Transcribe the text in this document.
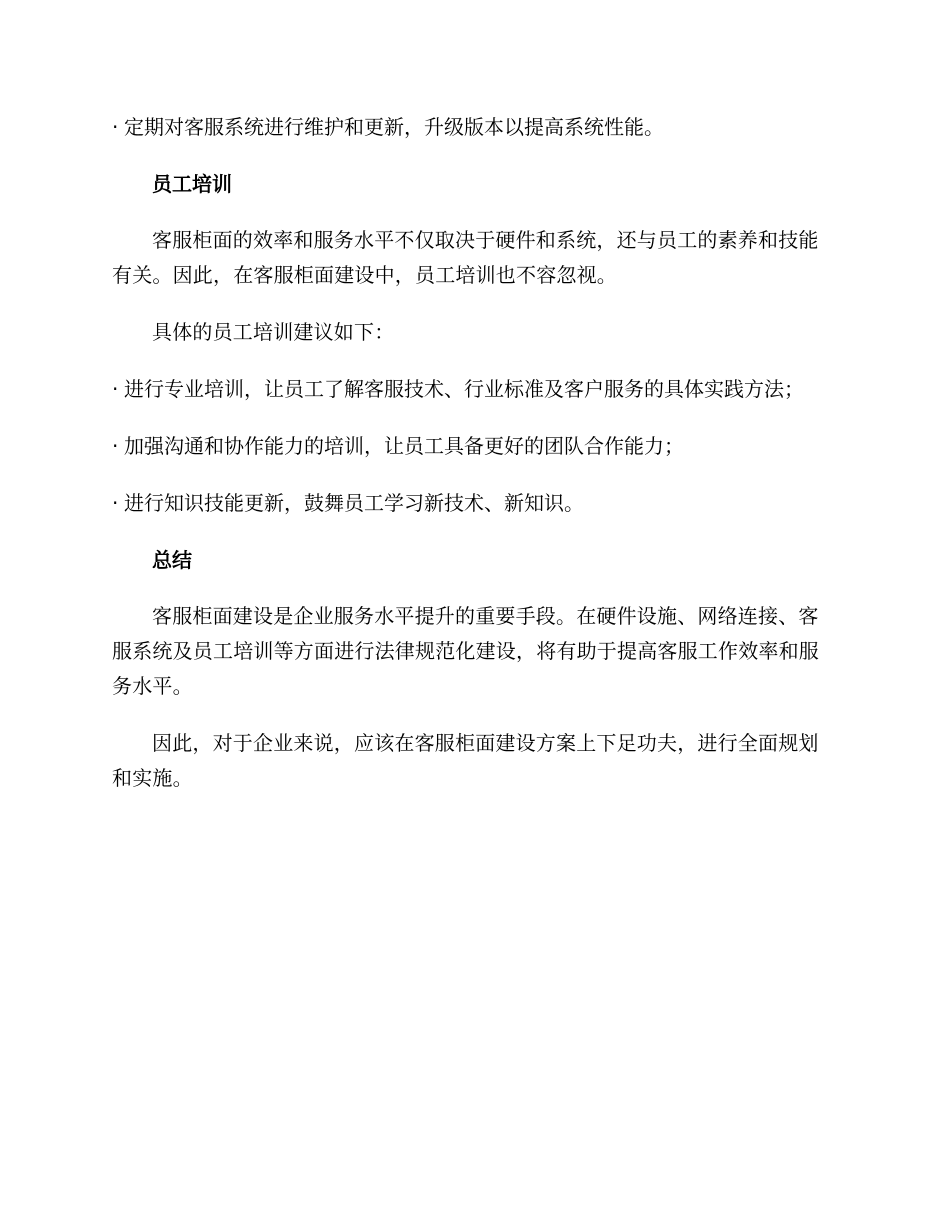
· 定期对客服系统进行维护和更新，升级版本以提高系统性能。

员工培训

客服柜面的效率和服务水平不仅取决于硬件和系统，还与员工的素养和技能有关。因此，在客服柜面建设中，员工培训也不容忽视。

具体的员工培训建议如下：

· 进行专业培训，让员工了解客服技术、行业标准及客户服务的具体实践方法；

· 加强沟通和协作能力的培训，让员工具备更好的团队合作能力；

· 进行知识技能更新，鼓舞员工学习新技术、新知识。

总结

客服柜面建设是企业服务水平提升的重要手段。在硬件设施、网络连接、客服系统及员工培训等方面进行法律规范化建设，将有助于提高客服工作效率和服务水平。

因此，对于企业来说，应该在客服柜面建设方案上下足功夫，进行全面规划和实施。
